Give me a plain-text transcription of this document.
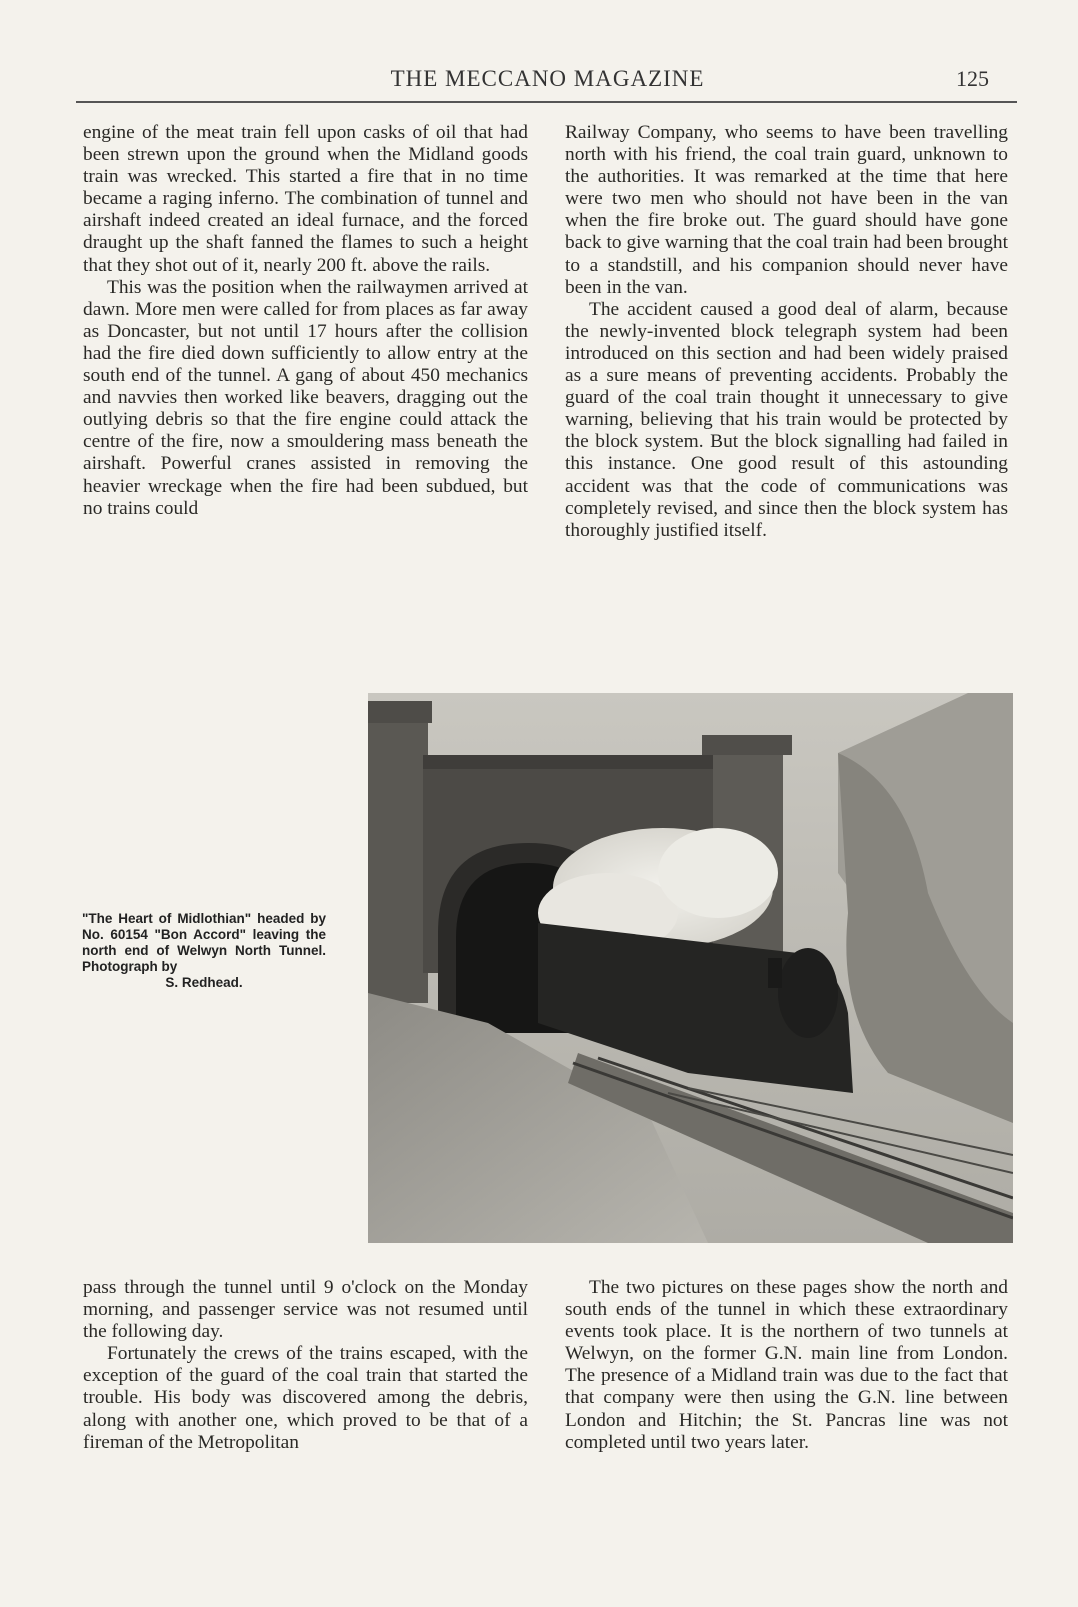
THE MECCANO MAGAZINE	125

engine of the meat train fell upon casks of oil that had been strewn upon the ground when the Midland goods train was wrecked. This started a fire that in no time became a raging inferno. The combination of tunnel and airshaft indeed created an ideal furnace, and the forced draught up the shaft fanned the flames to such a height that they shot out of it, nearly 200 ft. above the rails.

This was the position when the railwaymen arrived at dawn. More men were called for from places as far away as Doncaster, but not until 17 hours after the collision had the fire died down sufficiently to allow entry at the south end of the tunnel. A gang of about 450 mechanics and navvies then worked like beavers, dragging out the outlying debris so that the fire engine could attack the centre of the fire, now a smouldering mass beneath the airshaft. Powerful cranes assisted in removing the heavier wreckage when the fire had been subdued, but no trains could

Railway Company, who seems to have been travelling north with his friend, the coal train guard, unknown to the authorities. It was remarked at the time that here were two men who should not have been in the van when the fire broke out. The guard should have gone back to give warning that the coal train had been brought to a standstill, and his companion should never have been in the van.

The accident caused a good deal of alarm, because the newly-invented block telegraph system had been introduced on this section and had been widely praised as a sure means of preventing accidents. Probably the guard of the coal train thought it unnecessary to give warning, believing that his train would be protected by the block system. But the block signalling had failed in this instance. One good result of this astounding accident was that the code of communications was completely revised, and since then the block system has thoroughly justified itself.

"The Heart of Midlothian" headed by No. 60154 "Bon Accord" leaving the north end of Welwyn North Tunnel. Photograph by
S. Redhead.

pass through the tunnel until 9 o'clock on the Monday morning, and passenger service was not resumed until the following day.

Fortunately the crews of the trains escaped, with the exception of the guard of the coal train that started the trouble. His body was discovered among the debris, along with another one, which proved to be that of a fireman of the Metropolitan

The two pictures on these pages show the north and south ends of the tunnel in which these extraordinary events took place. It is the northern of two tunnels at Welwyn, on the former G.N. main line from London. The presence of a Midland train was due to the fact that that company were then using the G.N. line between London and Hitchin; the St. Pancras line was not completed until two years later.
